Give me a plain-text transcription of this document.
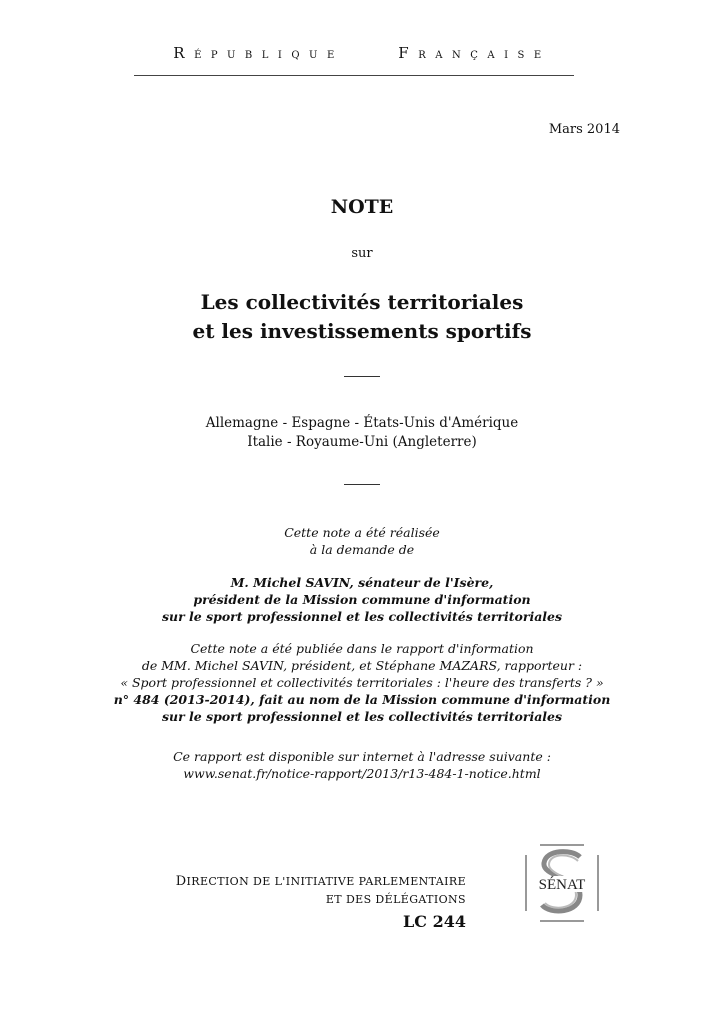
RÉPUBLIQUE	FRANÇAISE
Mars 2014
NOTE
sur
Les collectivités territoriales
et les investissements sportifs
Allemagne - Espagne - États-Unis d'Amérique
Italie - Royaume-Uni (Angleterre)
Cette note a été réalisée
à la demande de
M. Michel SAVIN, sénateur de l'Isère,
président de la Mission commune d'information
sur le sport professionnel et les collectivités territoriales
Cette note a été publiée dans le rapport d'information
de MM. Michel SAVIN, président, et Stéphane MAZARS, rapporteur :
« Sport professionnel et collectivités territoriales : l'heure des transferts ? »
n° 484 (2013-2014), fait au nom de la Mission commune d'information
sur le sport professionnel et les collectivités territoriales
Ce rapport est disponible sur internet à l'adresse suivante :
www.senat.fr/notice-rapport/2013/r13-484-1-notice.html
DIRECTION DE L'INITIATIVE PARLEMENTAIRE
ET DES DÉLÉGATIONS
LC 244
SÉNAT
